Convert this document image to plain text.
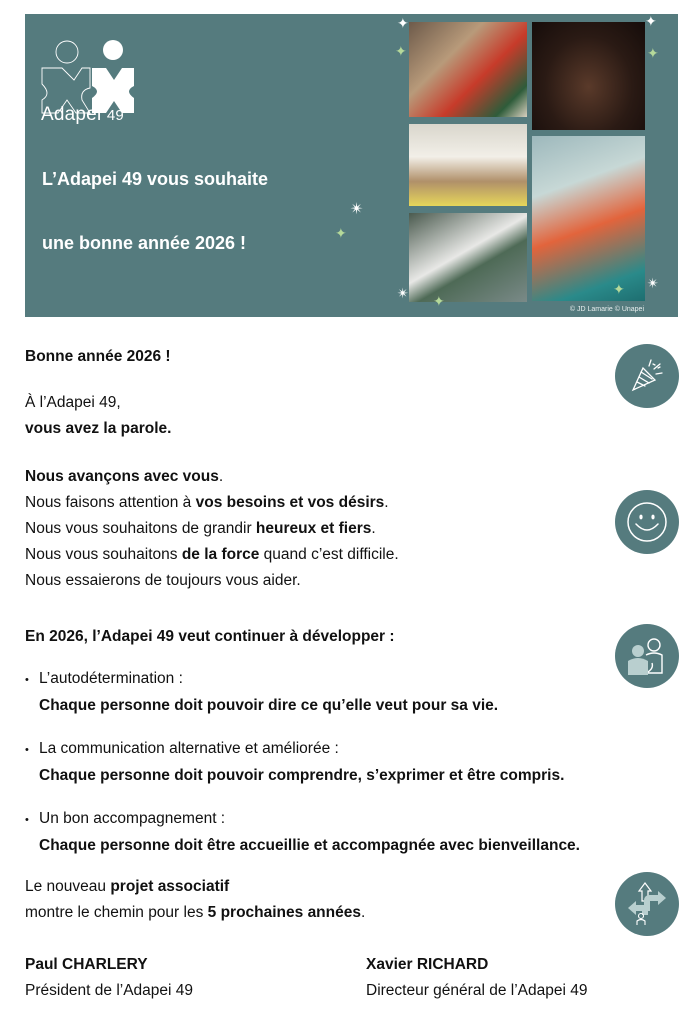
Adapei 49
L’Adapei 49 vous souhaite
une bonne année 2026 !
✦
✦
✦
✦
✴
✦
✴ ✦
✴
✦
© JD Lamarie © Unapei
Bonne année 2026 !
À l’Adapei 49,
vous avez la parole.
Nous avançons avec vous.
Nous faisons attention à vos besoins et vos désirs.
Nous vous souhaitons de grandir heureux et fiers.
Nous vous souhaitons de la force quand c’est difficile.
Nous essaierons de toujours vous aider.
En 2026, l’Adapei 49 veut continuer à développer :
• L’autodétermination :
Chaque personne doit pouvoir dire ce qu’elle veut pour sa vie.
• La communication alternative et améliorée :
Chaque personne doit pouvoir comprendre, s’exprimer et être compris.
• Un bon accompagnement :
Chaque personne doit être accueillie et accompagnée avec bienveillance.
Le nouveau projet associatif
montre le chemin pour les 5 prochaines années.
Paul CHARLERY
Président de l’Adapei 49
Xavier RICHARD
Directeur général de l’Adapei 49
